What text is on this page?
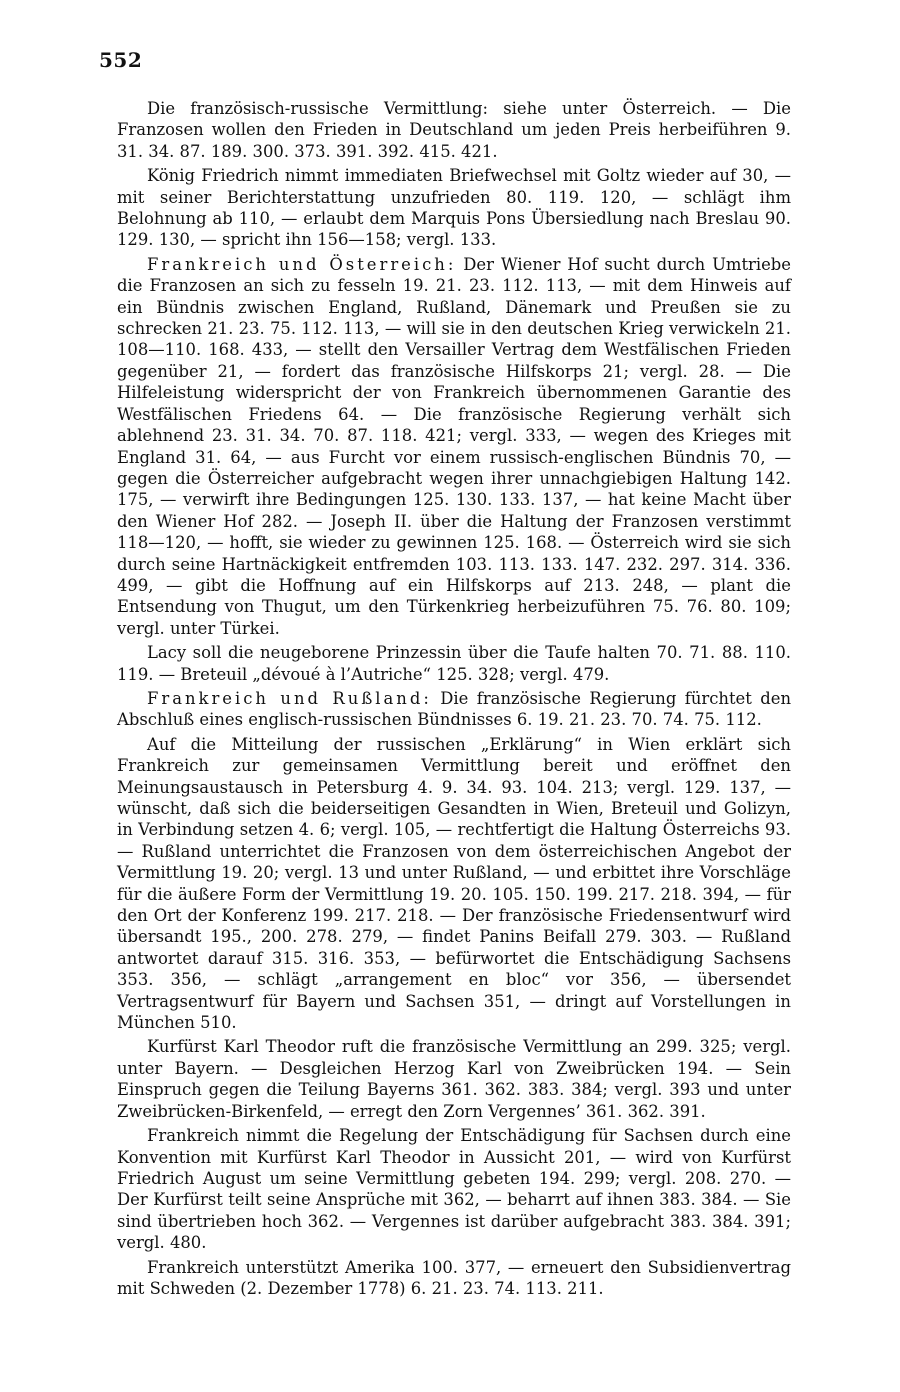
552

Die französisch-russische Vermittlung: siehe unter Österreich. — Die Franzosen wollen den Frieden in Deutschland um jeden Preis herbeiführen 9. 31. 34. 87. 189. 300. 373. 391. 392. 415. 421.

König Friedrich nimmt immediaten Briefwechsel mit Goltz wieder auf 30, — mit seiner Berichterstattung unzufrieden 80. 119. 120, — schlägt ihm Belohnung ab 110, — erlaubt dem Marquis Pons Übersiedlung nach Breslau 90. 129. 130, — spricht ihn 156—158; vergl. 133.

Frankreich und Österreich: Der Wiener Hof sucht durch Umtriebe die Franzosen an sich zu fesseln 19. 21. 23. 112. 113, — mit dem Hinweis auf ein Bündnis zwischen England, Rußland, Dänemark und Preußen sie zu schrecken 21. 23. 75. 112. 113, — will sie in den deutschen Krieg verwickeln 21. 108—110. 168. 433, — stellt den Versailler Vertrag dem Westfälischen Frieden gegenüber 21, — fordert das französische Hilfskorps 21; vergl. 28. — Die Hilfeleistung widerspricht der von Frankreich übernommenen Garantie des Westfälischen Friedens 64. — Die französische Regierung verhält sich ablehnend 23. 31. 34. 70. 87. 118. 421; vergl. 333, — wegen des Krieges mit England 31. 64, — aus Furcht vor einem russisch-englischen Bündnis 70, — gegen die Österreicher aufgebracht wegen ihrer unnachgiebigen Haltung 142. 175, — verwirft ihre Bedingungen 125. 130. 133. 137, — hat keine Macht über den Wiener Hof 282. — Joseph II. über die Haltung der Franzosen verstimmt 118—120, — hofft, sie wieder zu gewinnen 125. 168. — Österreich wird sie sich durch seine Hartnäckigkeit entfremden 103. 113. 133. 147. 232. 297. 314. 336. 499, — gibt die Hoffnung auf ein Hilfskorps auf 213. 248, — plant die Entsendung von Thugut, um den Türkenkrieg herbeizuführen 75. 76. 80. 109; vergl. unter Türkei.

Lacy soll die neugeborene Prinzessin über die Taufe halten 70. 71. 88. 110. 119. — Breteuil „dévoué à l’Autriche“ 125. 328; vergl. 479.

Frankreich und Rußland: Die französische Regierung fürchtet den Abschluß eines englisch-russischen Bündnisses 6. 19. 21. 23. 70. 74. 75. 112.

Auf die Mitteilung der russischen „Erklärung“ in Wien erklärt sich Frankreich zur gemeinsamen Vermittlung bereit und eröffnet den Meinungsaustausch in Petersburg 4. 9. 34. 93. 104. 213; vergl. 129. 137, — wünscht, daß sich die beiderseitigen Gesandten in Wien, Breteuil und Golizyn, in Verbindung setzen 4. 6; vergl. 105, — rechtfertigt die Haltung Österreichs 93. — Rußland unterrichtet die Franzosen von dem österreichischen Angebot der Vermittlung 19. 20; vergl. 13 und unter Rußland, — und erbittet ihre Vorschläge für die äußere Form der Vermittlung 19. 20. 105. 150. 199. 217. 218. 394, — für den Ort der Konferenz 199. 217. 218. — Der französische Friedensentwurf wird übersandt 195., 200. 278. 279, — findet Panins Beifall 279. 303. — Rußland antwortet darauf 315. 316. 353, — befürwortet die Entschädigung Sachsens 353. 356, — schlägt „arrangement en bloc“ vor 356, — übersendet Vertragsentwurf für Bayern und Sachsen 351, — dringt auf Vorstellungen in München 510.

Kurfürst Karl Theodor ruft die französische Vermittlung an 299. 325; vergl. unter Bayern. — Desgleichen Herzog Karl von Zweibrücken 194. — Sein Einspruch gegen die Teilung Bayerns 361. 362. 383. 384; vergl. 393 und unter Zweibrücken-Birkenfeld, — erregt den Zorn Vergennes’ 361. 362. 391.

Frankreich nimmt die Regelung der Entschädigung für Sachsen durch eine Konvention mit Kurfürst Karl Theodor in Aussicht 201, — wird von Kurfürst Friedrich August um seine Vermittlung gebeten 194. 299; vergl. 208. 270. — Der Kurfürst teilt seine Ansprüche mit 362, — beharrt auf ihnen 383. 384. — Sie sind übertrieben hoch 362. — Vergennes ist darüber aufgebracht 383. 384. 391; vergl. 480.

Frankreich unterstützt Amerika 100. 377, — erneuert den Subsidienvertrag mit Schweden (2. Dezember 1778) 6. 21. 23. 74. 113. 211.
